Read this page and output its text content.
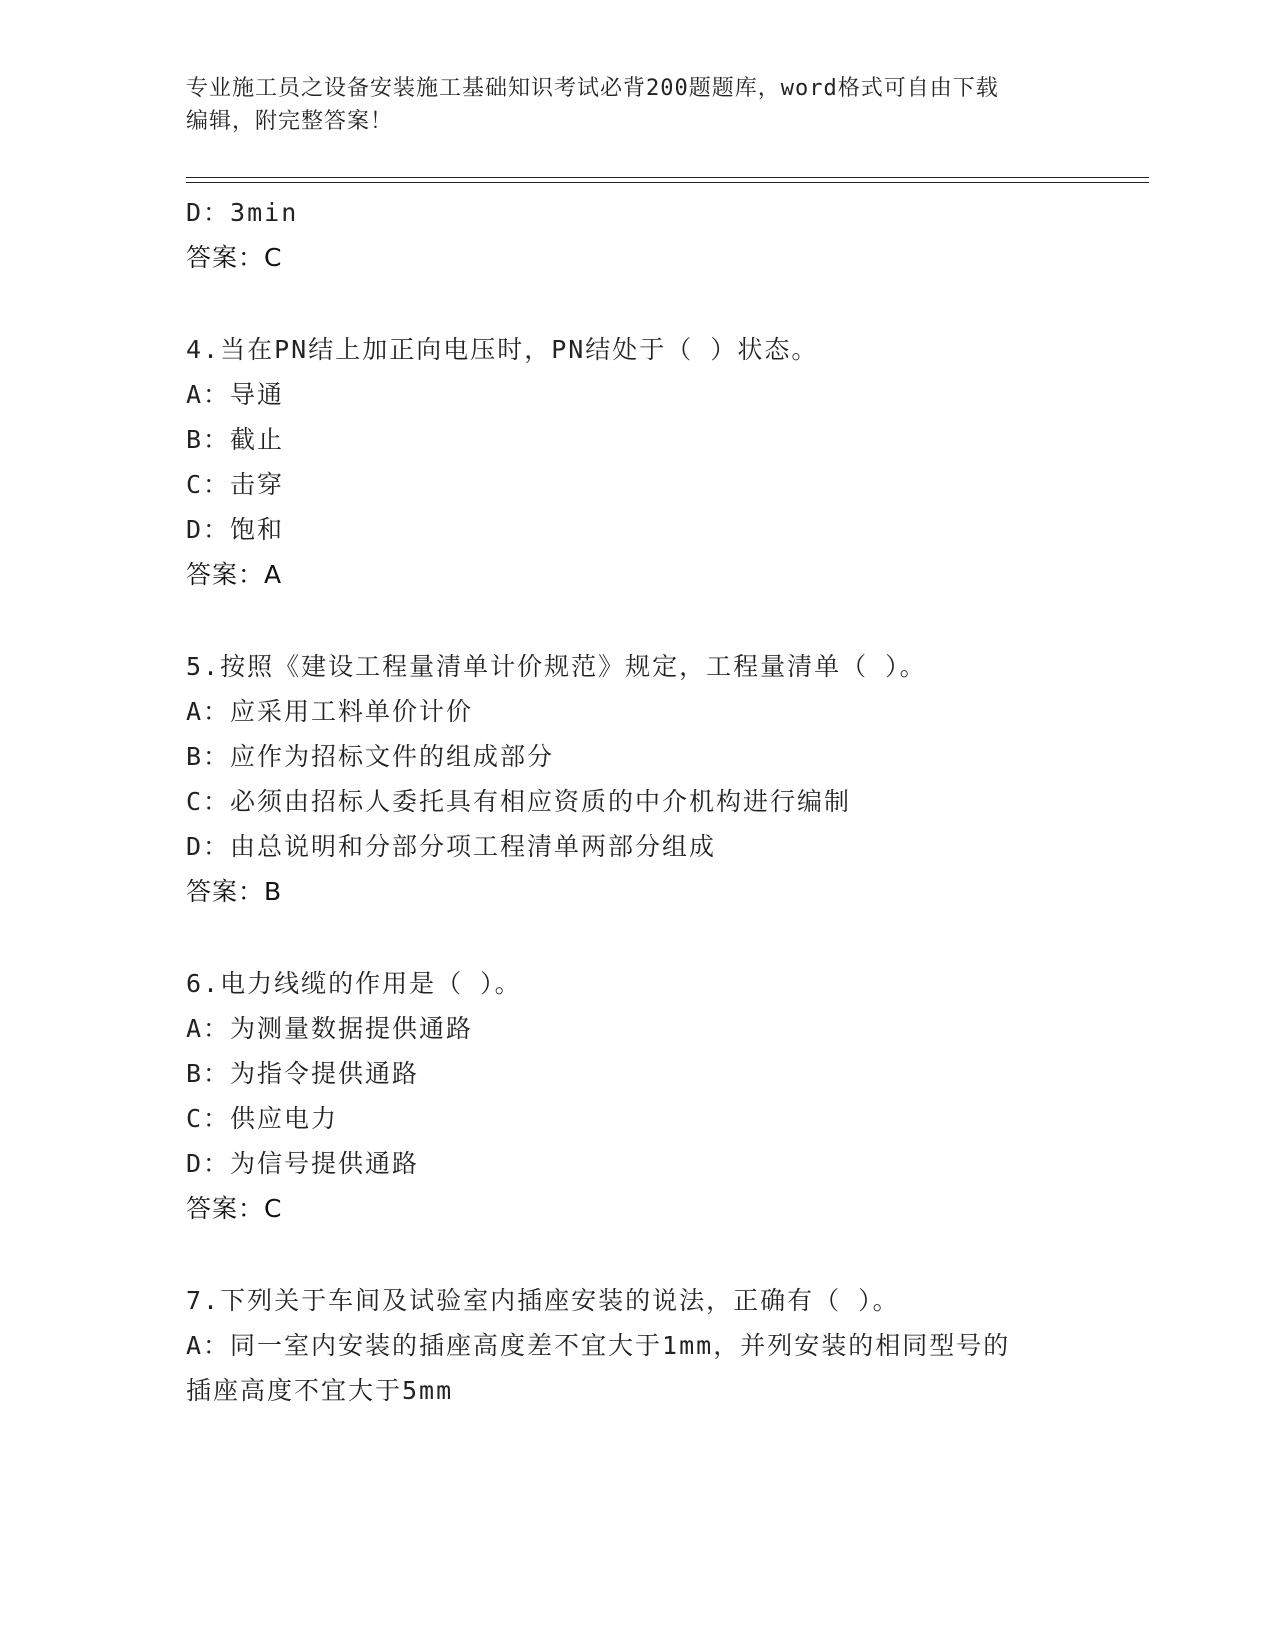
专业施工员之设备安装施工基础知识考试必背200题题库，word格式可自由下载
编辑，附完整答案！
D：3min
答案：C
4.当在PN结上加正向电压时，PN结处于（ ）状态。
A：导通
B：截止
C：击穿
D：饱和
答案：A
5.按照《建设工程量清单计价规范》规定，工程量清单（ ）。
A：应采用工料单价计价
B：应作为招标文件的组成部分
C：必须由招标人委托具有相应资质的中介机构进行编制
D：由总说明和分部分项工程清单两部分组成
答案：B
6.电力线缆的作用是（ ）。
A：为测量数据提供通路
B：为指令提供通路
C：供应电力
D：为信号提供通路
答案：C
7.下列关于车间及试验室内插座安装的说法，正确有（ ）。
A：同一室内安装的插座高度差不宜大于1mm，并列安装的相同型号的
插座高度不宜大于5mm
